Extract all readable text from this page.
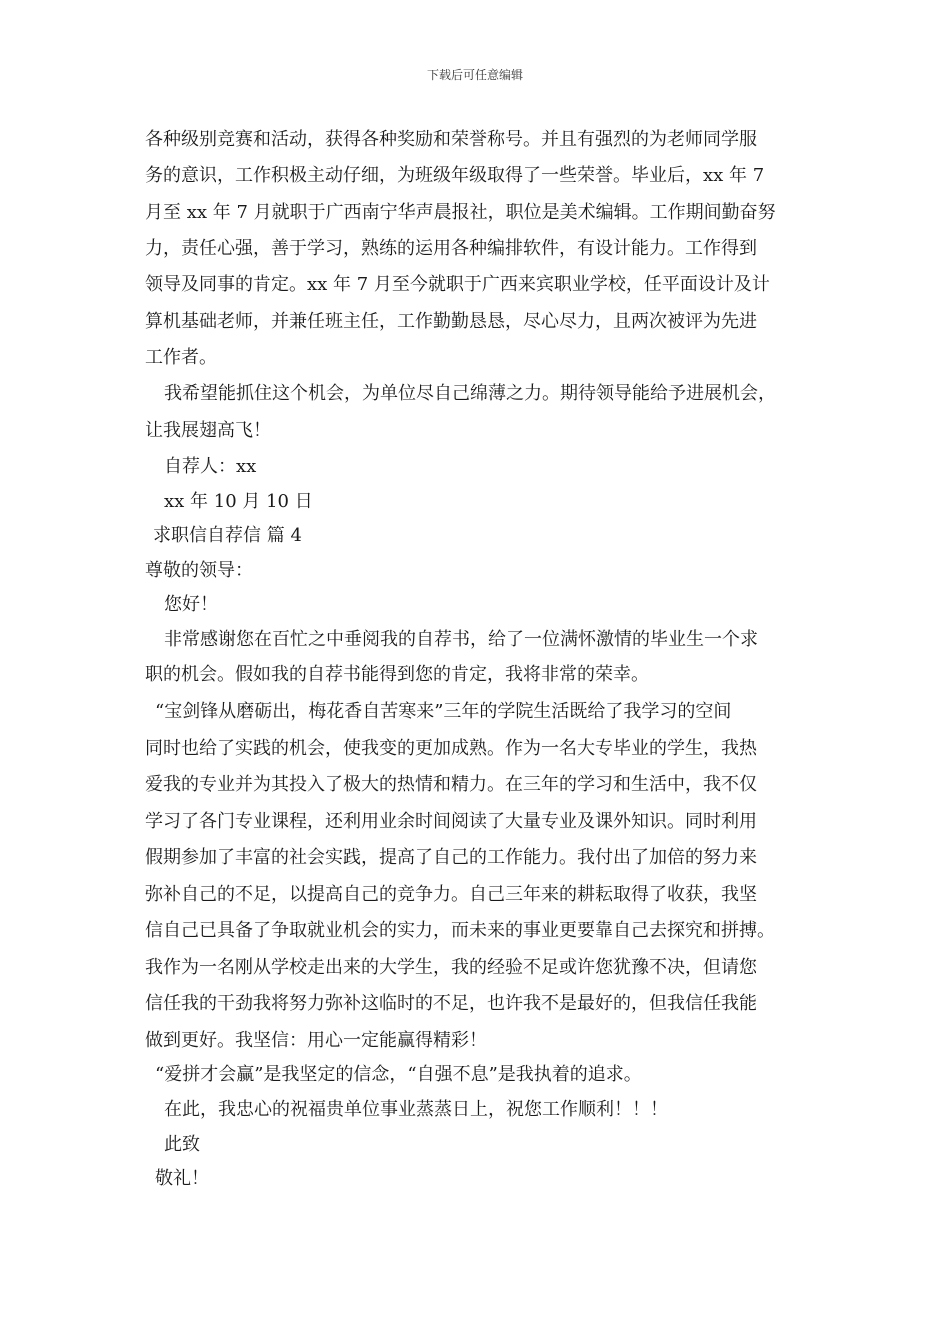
下载后可任意编辑
各种级别竞赛和活动，获得各种奖励和荣誉称号。并且有强烈的为老师同学服
务的意识，工作积极主动仔细，为班级年级取得了一些荣誉。毕业后，xx 年 7
月至 xx 年 7 月就职于广西南宁华声晨报社，职位是美术编辑。工作期间勤奋努
力，责任心强，善于学习，熟练的运用各种编排软件，有设计能力。工作得到
领导及同事的肯定。xx 年 7 月至今就职于广西来宾职业学校，任平面设计及计
算机基础老师，并兼任班主任，工作勤勤恳恳，尽心尽力，且两次被评为先进
工作者。
我希望能抓住这个机会，为单位尽自己绵薄之力。期待领导能给予进展机会，
让我展翅高飞！
自荐人：xx
xx 年 10 月 10 日
求职信自荐信 篇 4
尊敬的领导：
您好！
非常感谢您在百忙之中垂阅我的自荐书，给了一位满怀激情的毕业生一个求
职的机会。假如我的自荐书能得到您的肯定，我将非常的荣幸。
“宝剑锋从磨砺出，梅花香自苦寒来”三年的学院生活既给了我学习的空间
同时也给了实践的机会，使我变的更加成熟。作为一名大专毕业的学生，我热
爱我的专业并为其投入了极大的热情和精力。在三年的学习和生活中，我不仅
学习了各门专业课程，还利用业余时间阅读了大量专业及课外知识。同时利用
假期参加了丰富的社会实践，提高了自己的工作能力。我付出了加倍的努力来
弥补自己的不足，以提高自己的竞争力。自己三年来的耕耘取得了收获，我坚
信自己已具备了争取就业机会的实力，而未来的事业更要靠自己去探究和拼搏。
我作为一名刚从学校走出来的大学生，我的经验不足或许您犹豫不决，但请您
信任我的干劲我将努力弥补这临时的不足，也许我不是最好的，但我信任我能
做到更好。我坚信：用心一定能赢得精彩！
“爱拼才会赢”是我坚定的信念，“自强不息”是我执着的追求。
在此，我忠心的祝福贵单位事业蒸蒸日上，祝您工作顺利！！！
此致
敬礼！
